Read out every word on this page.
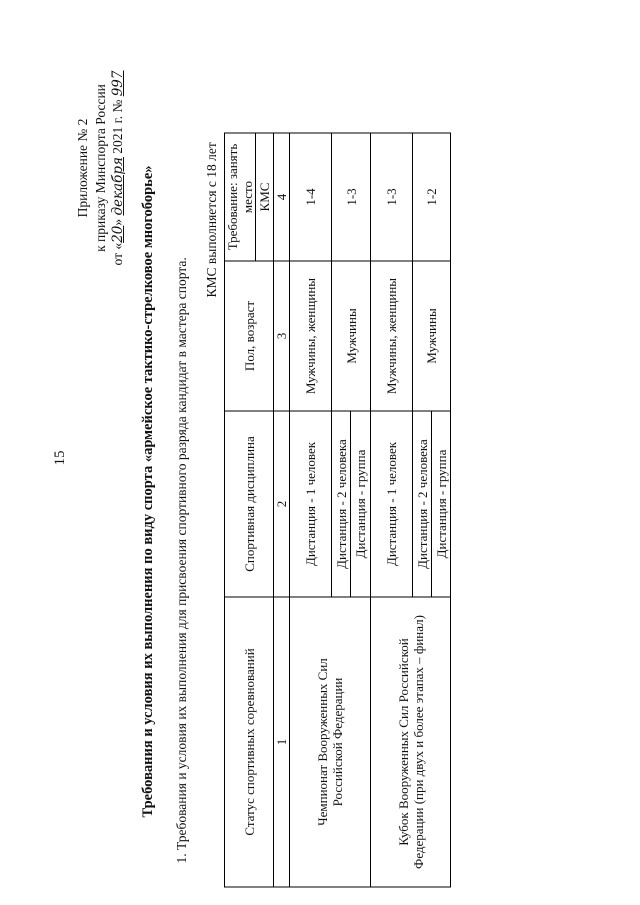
15
Приложение № 2 к приказу Минспорта России
от «20» декабря 2021 г. № 997
Требования и условия их выполнения по виду спорта «армейское тактико-стрелковое многоборье» 1. Требования и условия их выполнения для присвоения спортивного разряда кандидат в мастера спорта.
КМС выполняется с 18 лет
Статус спортивных соревнований	Спортивная дисциплина	Пол, возраст	Требование: занять место
			КМС
1	2	3	4
Чемпионат Вооруженных Сил Российской Федерации	Дистанция - 1 человек	Мужчины, женщины	1-4
	Дистанция - 2 человека	Мужчины	1-3
	Дистанция - группа		
Кубок Вооруженных Сил Российской Федерации (при двух и более этапах – финал)	Дистанция - 1 человек	Мужчины, женщины	1-3
	Дистанция - 2 человека	Мужчины	1-2
	Дистанция - группа		
